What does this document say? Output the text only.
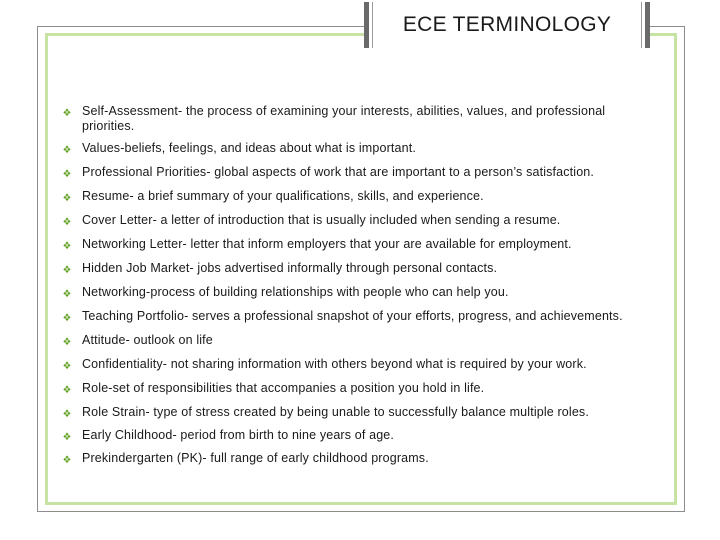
ECE TERMINOLOGY
❖ Self-Assessment- the process of examining your interests, abilities, values, and professional priorities.
❖ Values-beliefs, feelings, and ideas about what is important.
❖ Professional Priorities- global aspects of work that are important to a person’s satisfaction.
❖ Resume- a brief summary of your qualifications, skills, and experience.
❖ Cover Letter- a letter of introduction that is usually included when sending a resume.
❖ Networking Letter- letter that inform employers that your are available for employment.
❖ Hidden Job Market- jobs advertised informally through personal contacts.
❖ Networking-process of building relationships with people who can help you.
❖ Teaching Portfolio- serves a professional snapshot of your efforts, progress, and achievements.
❖ Attitude- outlook on life
❖ Confidentiality- not sharing information with others beyond what is required by your work.
❖ Role-set of responsibilities that accompanies a position you hold in life.
❖ Role Strain- type of stress created by being unable to successfully balance multiple roles.
❖ Early Childhood- period from birth to nine years of age.
❖ Prekindergarten (PK)- full range of early childhood programs.
